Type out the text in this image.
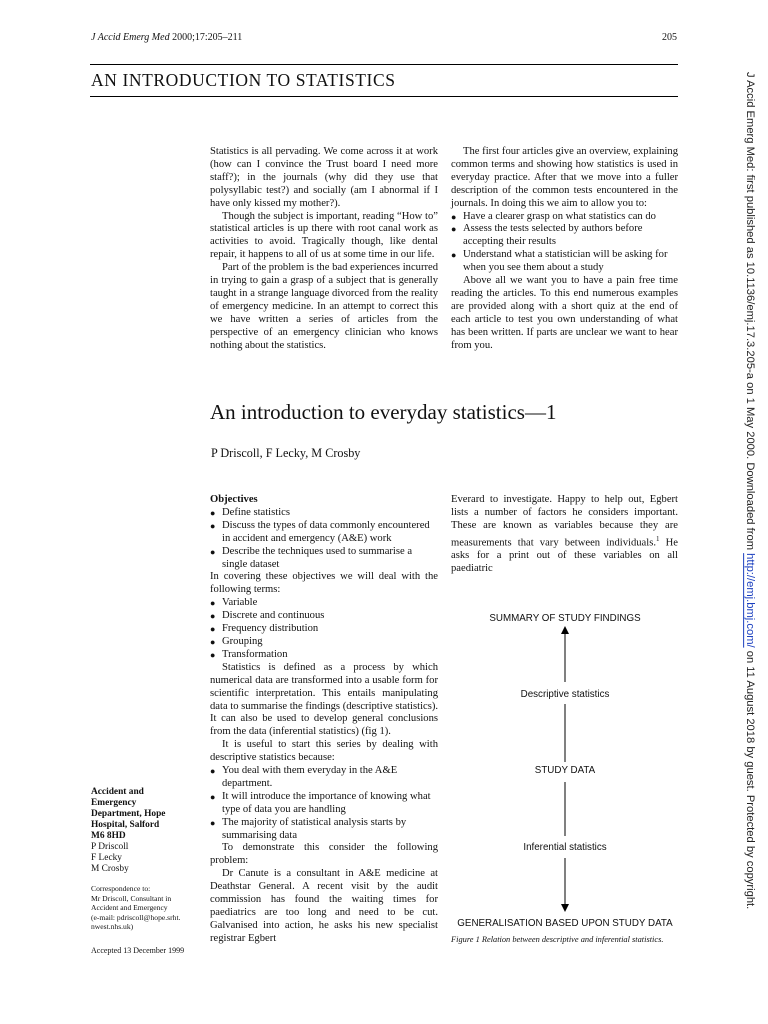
J Accid Emerg Med 2000;17:205–211	205
AN INTRODUCTION TO STATISTICS

Statistics is all pervading. We come across it at work (how can I convince the Trust board I need more staff?); in the journals (why did they use that polysyllabic test?) and socially (am I abnormal if I have only kissed my mother?).

Though the subject is important, reading “How to” statistical articles is up there with root canal work as activities to avoid. Tragically though, like dental repair, it happens to all of us at some time in our life.

Part of the problem is the bad experiences incurred in trying to gain a grasp of a subject that is generally taught in a strange language divorced from the reality of emergency medicine. In an attempt to correct this we have written a series of articles from the perspective of an emergency clinician who knows nothing about the statistics.

The first four articles give an overview, explaining common terms and showing how statistics is used in everyday practice. After that we move into a fuller description of the common tests encountered in the journals. In doing this we aim to allow you to:

● Have a clearer grasp on what statistics can do
● Assess the tests selected by authors before accepting their results
● Understand what a statistician will be asking for when you see them about a study

Above all we want you to have a pain free time reading the articles. To this end numerous examples are provided along with a short quiz at the end of each article to test you own understanding of what has been written. If parts are unclear we want to hear from you.

An introduction to everyday statistics—1
P Driscoll, F Lecky, M Crosby

Objectives

● Define statistics
● Discuss the types of data commonly encountered in accident and emergency (A&E) work
● Describe the techniques used to summarise a single dataset

In covering these objectives we will deal with the following terms:

● Variable
● Discrete and continuous
● Frequency distribution
● Grouping
● Transformation

Statistics is defined as a process by which numerical data are transformed into a usable form for scientific interpretation. This entails manipulating data to summarise the findings (descriptive statistics). It can also be used to develop general conclusions from the data (inferential statistics) (fig 1).

It is useful to start this series by dealing with descriptive statistics because:

● You deal with them everyday in the A&E department.
● It will introduce the importance of knowing what type of data you are handling
● The majority of statistical analysis starts by summarising data

To demonstrate this consider the following problem:

Dr Canute is a consultant in A&E medicine at Deathstar General. A recent visit by the audit commission has found the waiting times for paediatrics are too long and need to be cut. Galvanised into action, he asks his new specialist registrar Egbert

Everard to investigate. Happy to help out, Egbert lists a number of factors he considers important. These are known as variables because they are measurements that vary between individuals.$^1$ He asks for a print out of these variables on all paediatric

Accident and
Emergency
Department, Hope
Hospital, Salford
M6 8HD
P Driscoll
F Lecky
M Crosby
Correspondence to:
Mr Driscoll, Consultant in
Accident and Emergency
(e-mail: pdriscoll@hope.srht.
nwest.nhs.uk)
Accepted 13 December 1999
SUMMARY OF STUDY FINDINGS
Descriptive statistics
STUDY DATA
Inferential statistics
GENERALISATION BASED UPON STUDY DATA
Figure 1 Relation between descriptive and inferential statistics.
J Accid Emerg Med: first published as 10.1136/emj.17.3.205-a on 1 May 2000. Downloaded from http://emj.bmj.com/ on 11 August 2018 by guest. Protected by copyright.
